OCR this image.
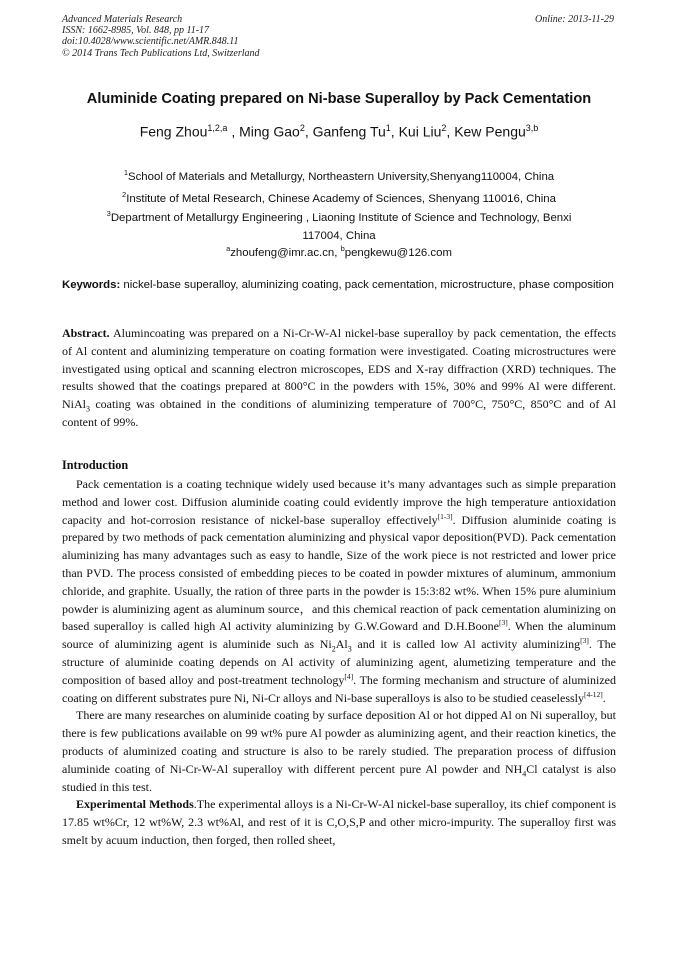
Advanced Materials Research
ISSN: 1662-8985, Vol. 848, pp 11-17
doi:10.4028/www.scientific.net/AMR.848.11
© 2014 Trans Tech Publications Ltd, Switzerland
Online: 2013-11-29
Aluminide Coating prepared on Ni-base Superalloy by Pack Cementation
Feng Zhou$^{1,2,a}$ , Ming Gao$^2$, Ganfeng Tu$^1$, Kui Liu$^2$, Kew Pengu$^{3,b}$
$^1$School of Materials and Metallurgy, Northeastern University,Shenyang110004, China
$^2$Institute of Metal Research, Chinese Academy of Sciences, Shenyang 110016, China
$^3$Department of Metallurgy Engineering , Liaoning Institute of Science and Technology, Benxi
117004, China
$^a$zhoufeng@imr.ac.cn, $^b$pengkewu@126.com
Keywords: nickel-base superalloy, aluminizing coating, pack cementation, microstructure, phase composition
Abstract. Alumincoating was prepared on a Ni-Cr-W-Al nickel-base superalloy by pack cementation, the effects of Al content and aluminizing temperature on coating formation were investigated. Coating microstructures were investigated using optical and scanning electron microscopes, EDS and X-ray diffraction (XRD) techniques. The results showed that the coatings prepared at 800°C in the powders with 15%, 30% and 99% Al were different. NiAl$_3$ coating was obtained in the conditions of aluminizing temperature of 700°C, 750°C, 850°C and of Al content of 99%.
Introduction

Pack cementation is a coating technique widely used because it’s many advantages such as simple preparation method and lower cost. Diffusion aluminide coating could evidently improve the high temperature antioxidation capacity and hot-corrosion resistance of nickel-base superalloy effectively[1-3]. Diffusion aluminide coating is prepared by two methods of pack cementation aluminizing and physical vapor deposition(PVD). Pack cementation aluminizing has many advantages such as easy to handle, Size of the work piece is not restricted and lower price than PVD. The process consisted of embedding pieces to be coated in powder mixtures of aluminum, ammonium chloride, and graphite. Usually, the ration of three parts in the powder is 15:3:82 wt%. When 15% pure aluminium powder is aluminizing agent as aluminum source，and this chemical reaction of pack cementation aluminizing on based superalloy is called high Al activity aluminizing by G.W.Goward and D.H.Boone[3]. When the aluminum source of aluminizing agent is aluminide such as $Ni_2Al_3$ and it is called low Al activity aluminizing[3]. The structure of aluminide coating depends on Al activity of aluminizing agent, alumetizing temperature and the composition of based alloy and post-treatment technology[4]. The forming mechanism and structure of aluminized coating on different substrates pure Ni, Ni-Cr alloys and Ni-base superalloys is also to be studied ceaselessly[4-12].

There are many researches on aluminide coating by surface deposition Al or hot dipped Al on Ni superalloy, but there is few publications available on 99 wt% pure Al powder as aluminizing agent, and their reaction kinetics, the products of aluminized coating and structure is also to be rarely studied. The preparation process of diffusion aluminide coating of Ni-Cr-W-Al superalloy with different percent pure Al powder and $NH_4Cl$ catalyst is also studied in this test.

Experimental Methods.The experimental alloys is a Ni-Cr-W-Al nickel-base superalloy, its chief component is 17.85 wt%Cr, 12 wt%W, 2.3 wt%Al, and rest of it is C,O,S,P and other micro-impurity. The superalloy first was smelt by acuum induction, then forged, then rolled sheet,
